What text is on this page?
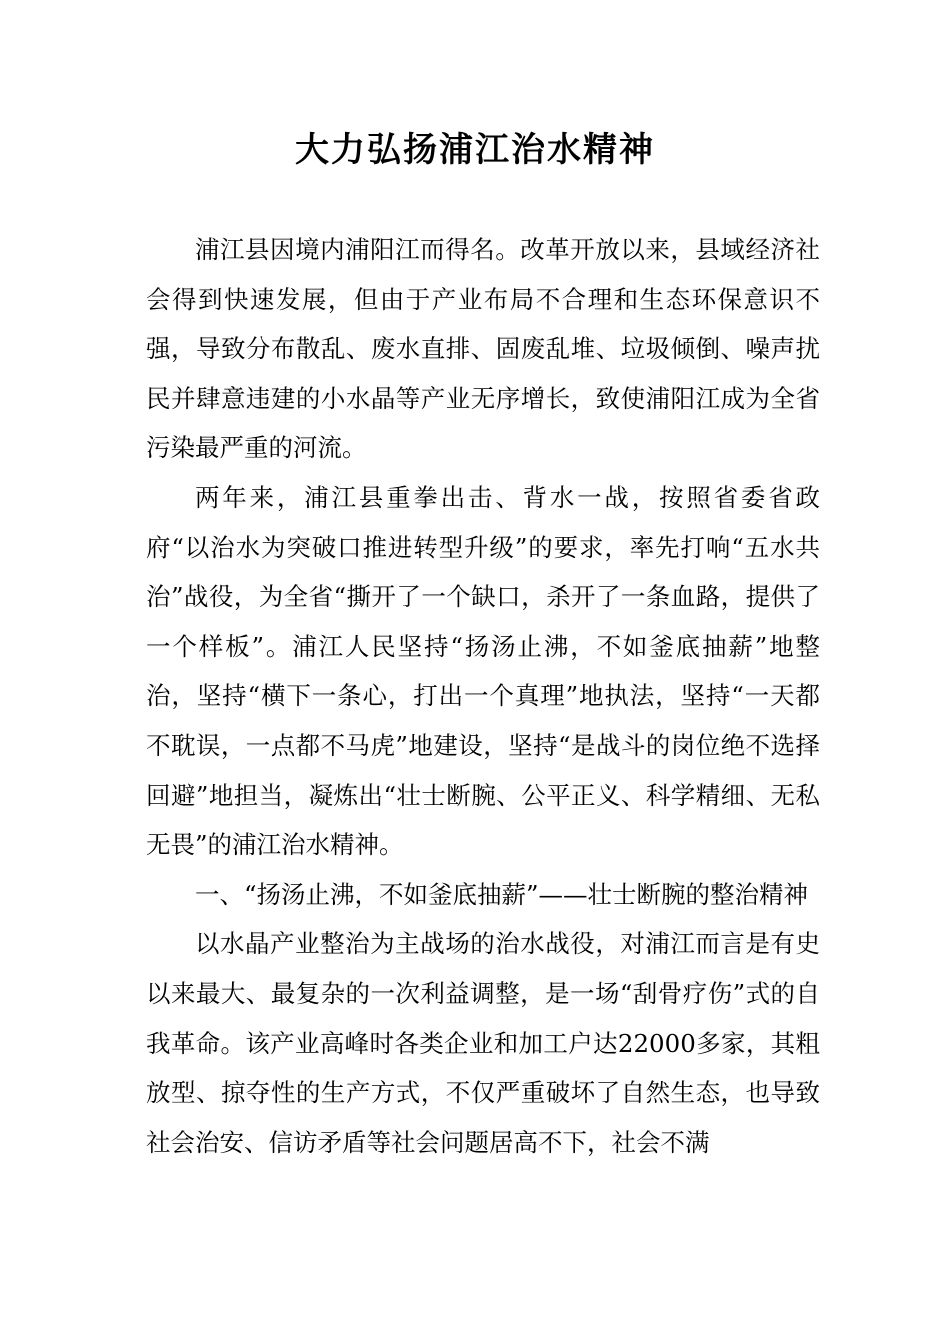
大力弘扬浦江治水精神

浦江县因境内浦阳江而得名。改革开放以来，县域经济社会得到快速发展，但由于产业布局不合理和生态环保意识不强，导致分布散乱、废水直排、固废乱堆、垃圾倾倒、噪声扰民并肆意违建的小水晶等产业无序增长，致使浦阳江成为全省污染最严重的河流。

两年来，浦江县重拳出击、背水一战，按照省委省政府“以治水为突破口推进转型升级”的要求，率先打响“五水共治”战役，为全省“撕开了一个缺口，杀开了一条血路，提供了一个样板”。浦江人民坚持“扬汤止沸，不如釜底抽薪”地整治，坚持“横下一条心，打出一个真理”地执法，坚持“一天都不耽误，一点都不马虎”地建设，坚持“是战斗的岗位绝不选择回避”地担当，凝炼出“壮士断腕、公平正义、科学精细、无私无畏”的浦江治水精神。

一、“扬汤止沸，不如釜底抽薪”——壮士断腕的整治精神

以水晶产业整治为主战场的治水战役，对浦江而言是有史以来最大、最复杂的一次利益调整，是一场“刮骨疗伤”式的自我革命。该产业高峰时各类企业和加工户达22000多家，其粗放型、掠夺性的生产方式，不仅严重破坏了自然生态，也导致社会治安、信访矛盾等社会问题居高不下，社会不满
